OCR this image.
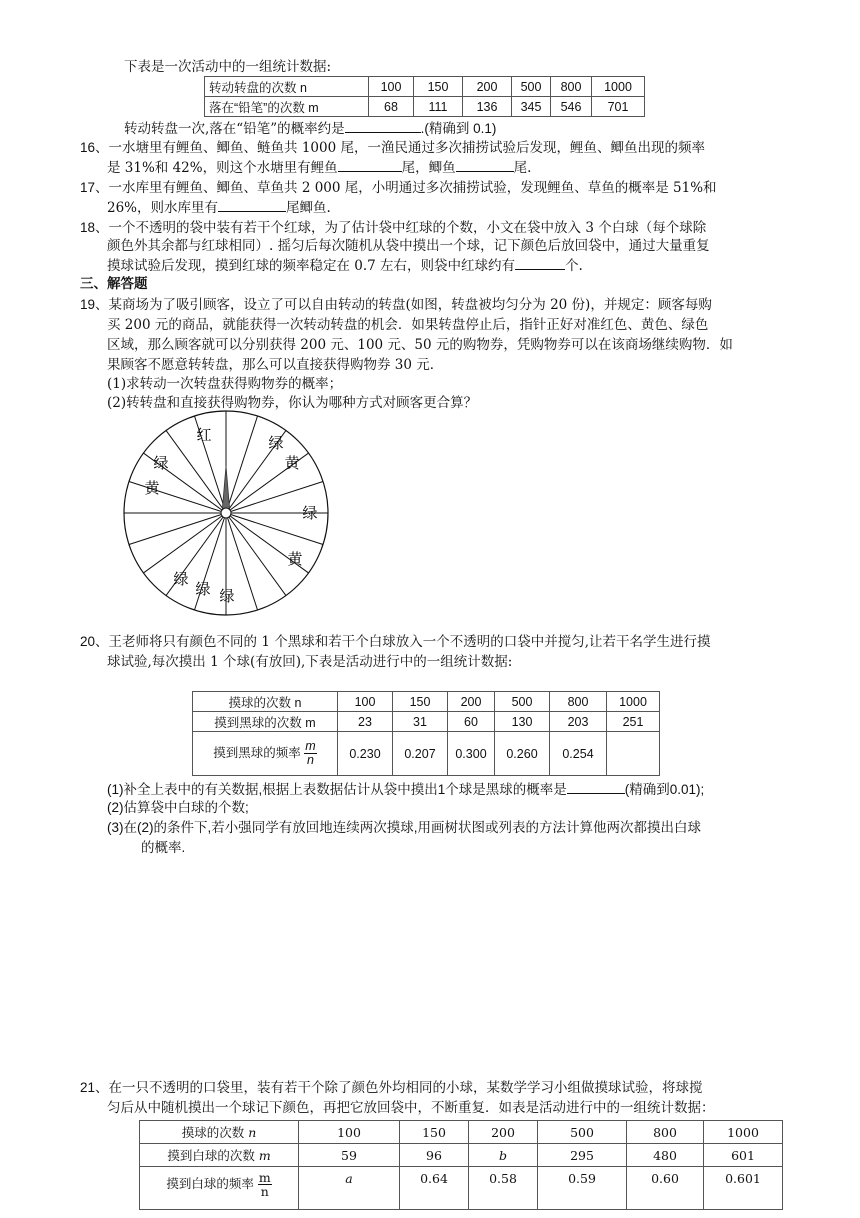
下表是一次活动中的一组统计数据:
转动转盘的次数 n	100	150	200	500	800	1000
落在“铅笔”的次数 m	68	111	136	345	546	701
转动转盘一次,落在“铅笔”的概率约是	.(精确到 0.1)
16、一水塘里有鲤鱼、鲫鱼、鲢鱼共 1000 尾，一渔民通过多次捕捞试验后发现，鲤鱼、鲫鱼出现的频率
是 31%和 42%，则这个水塘里有鲤鱼	尾，鲫鱼	尾.
17、一水库里有鲤鱼、鲫鱼、草鱼共 2 000 尾，小明通过多次捕捞试验，发现鲤鱼、草鱼的概率是 51%和
26%，则水库里有	尾鲫鱼.
18、一个不透明的袋中装有若干个红球，为了估计袋中红球的个数，小文在袋中放入 3 个白球（每个球除
颜色外其余都与红球相同）. 摇匀后每次随机从袋中摸出一个球，记下颜色后放回袋中，通过大量重复
摸球试验后发现，摸到红球的频率稳定在 0.7 左右，则袋中红球约有	个.
三、解答题
19、某商场为了吸引顾客，设立了可以自由转动的转盘(如图，转盘被均匀分为 20 份)，并规定：顾客每购
买 200 元的商品，就能获得一次转动转盘的机会．如果转盘停止后，指针正好对准红色、黄色、绿色
区域，那么顾客就可以分别获得 200 元、100 元、50 元的购物券，凭购物券可以在该商场继续购物．如
果顾客不愿意转转盘，那么可以直接获得购物券 30 元．
(1)求转动一次转盘获得购物券的概率；
(2)转转盘和直接获得购物券，你认为哪种方式对顾客更合算？
红
绿	黄
绿
黄
绿
黄
绿
绿 绿
20、王老师将只有颜色不同的 1 个黑球和若干个白球放入一个不透明的口袋中并搅匀,让若干名学生进行摸
球试验,每次摸出 1 个球(有放回),下表是活动进行中的一组统计数据:
摸球的次数 n	100	150	200	500	800	1000
摸到黑球的次数 m	23	31	60	130	203	251
摸到黑球的频率 $\frac{m}{n}$	0.230	0.207	0.300	0.260	0.254	
(1)补全上表中的有关数据,根据上表数据估计从袋中摸出1个球是黑球的概率是	(精确到0.01);
(2)估算袋中白球的个数;
(3)在(2)的条件下,若小强同学有放回地连续两次摸球,用画树状图或列表的方法计算他两次都摸出白球
的概率.
21、在一只不透明的口袋里，装有若干个除了颜色外均相同的小球，某数学学习小组做摸球试验，将球搅
匀后从中随机摸出一个球记下颜色，再把它放回袋中，不断重复．如表是活动进行中的一组统计数据：
摸球的次数 n	100	150	200	500	800	1000
摸到白球的次数 m	59	96	b	295	480	601
摸到白球的频率 $\frac{m}{n}$	a	0.64	0.58	0.59	0.60	0.601
